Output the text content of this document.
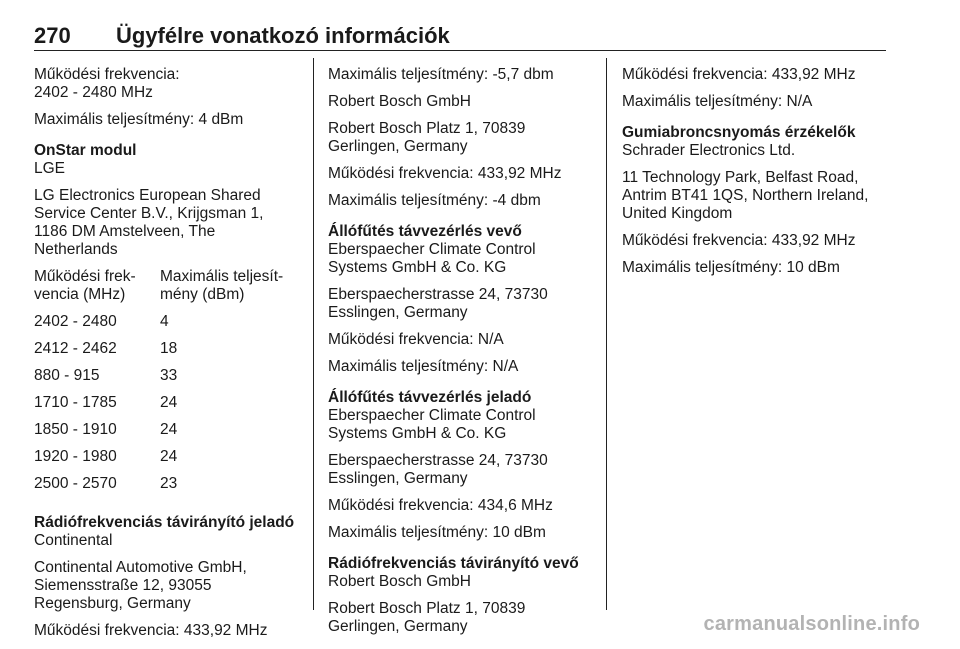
270 Ügyfélre vonatkozó információk

Működési frekvencia:
2402 - 2480 MHz

Maximális teljesítmény: 4 dBm

OnStar modul

LGE

LG Electronics European Shared Service Center B.V., Krijgsman 1, 1186 DM Amstelveen, The Netherlands

Működési frek-
vencia (MHz)	Maximális teljesít-
mény (dBm)
2402 - 2480	4
2412 - 2462	18
880 - 915	33
1710 - 1785	24
1850 - 1910	24
1920 - 1980	24
2500 - 2570	23

Rádiófrekvenciás távirányító jeladó

Continental

Continental Automotive GmbH,
Siemensstraße 12, 93055
Regensburg, Germany

Működési frekvencia: 433,92 MHz

Maximális teljesítmény: -5,7 dbm

Robert Bosch GmbH

Robert Bosch Platz 1, 70839
Gerlingen, Germany

Működési frekvencia: 433,92 MHz

Maximális teljesítmény: -4 dbm

Állófűtés távvezérlés vevő

Eberspaecher Climate Control
Systems GmbH & Co. KG

Eberspaecherstrasse 24, 73730
Esslingen, Germany

Működési frekvencia: N/A

Maximális teljesítmény: N/A

Állófűtés távvezérlés jeladó

Eberspaecher Climate Control
Systems GmbH & Co. KG

Eberspaecherstrasse 24, 73730
Esslingen, Germany

Működési frekvencia: 434,6 MHz

Maximális teljesítmény: 10 dBm

Rádiófrekvenciás távirányító vevő

Robert Bosch GmbH

Robert Bosch Platz 1, 70839
Gerlingen, Germany

Működési frekvencia: 433,92 MHz

Maximális teljesítmény: N/A

Gumiabroncsnyomás érzékelők

Schrader Electronics Ltd.

11 Technology Park, Belfast Road,
Antrim BT41 1QS, Northern Ireland,
United Kingdom

Működési frekvencia: 433,92 MHz

Maximális teljesítmény: 10 dBm

carmanualsonline.info
